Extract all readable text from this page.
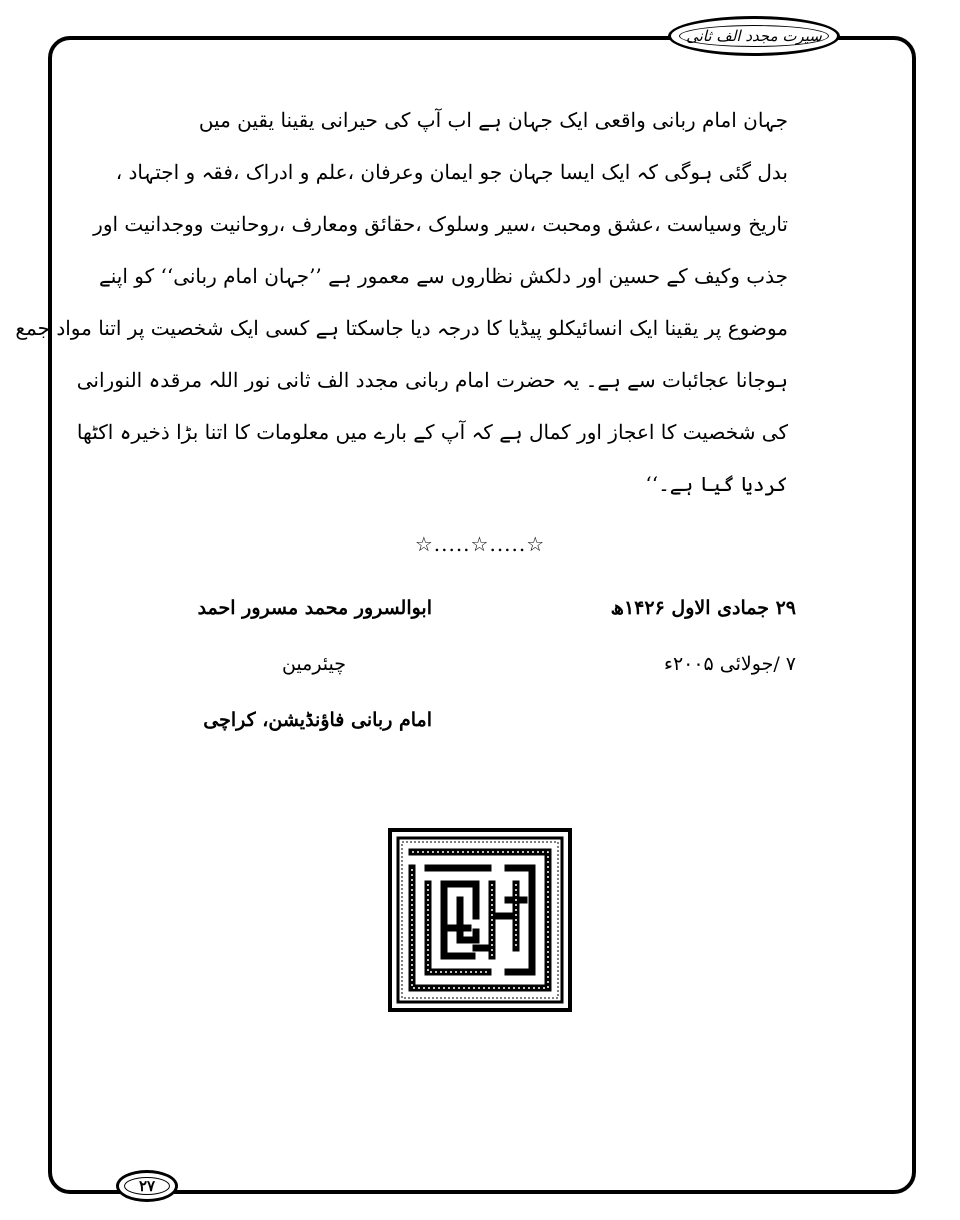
سیرت مجدد الف ثانی
جہان امام ربانی واقعی ایک جہان ہے اب آپ کی حیرانی یقینا یقین میں
بدل گئی ہوگی کہ ایک ایسا جہان جو ایمان وعرفان ،علم و ادراک ،فقہ و اجتہاد ،
تاریخ وسیاست ،عشق ومحبت ،سیر وسلوک ،حقائق ومعارف ،روحانیت ووجدانیت اور
جذب وکیف کے حسین اور دلکش نظاروں سے معمور ہے ’’جہان امام ربانی‘‘ کو اپنے
موضوع پر یقینا ایک انسائیکلو پیڈیا کا درجہ دیا جاسکتا ہے کسی ایک شخصیت پر اتنا مواد جمع
ہوجانا عجائبات سے ہے۔ یہ حضرت امام ربانی مجدد الف ثانی نور اللہ مرقدہ النورانی
کی شخصیت کا اعجاز اور کمال ہے کہ آپ کے بارے میں معلومات کا اتنا بڑا ذخیرہ اکٹھا
کردیا گیا ہے۔‘‘
☆.....☆.....☆
۲۹ جمادی الاول ۱۴۲۶ھ
۷ /جولائی ۲۰۰۵ء
ابوالسرور محمد مسرور احمد
چیئرمین
امام ربانی فاؤنڈیشن، کراچی
۲۷
